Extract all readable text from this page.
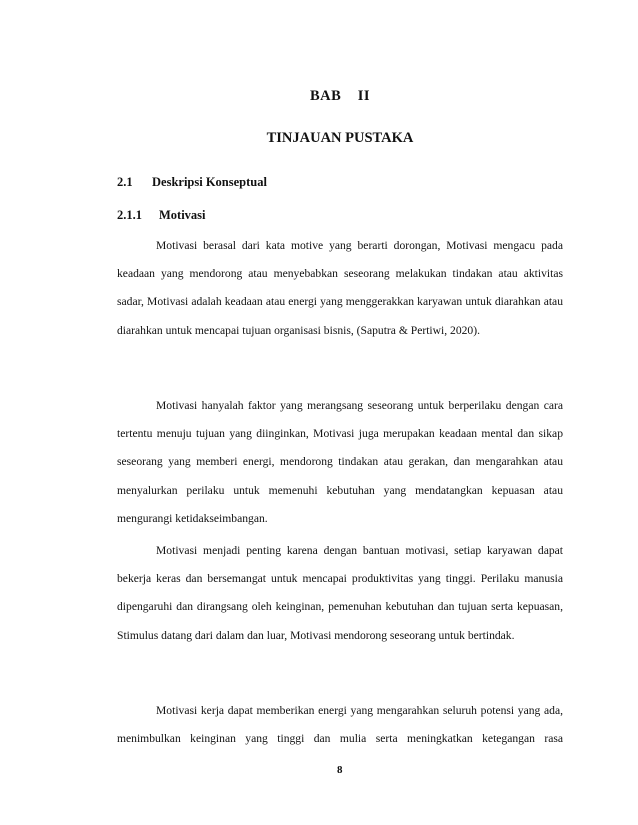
BAB    II
TINJAUAN PUSTAKA
2.1 Deskripsi Konseptual
2.1.1 Motivasi

Motivasi berasal dari kata motive yang berarti dorongan, Motivasi mengacu pada keadaan yang mendorong atau menyebabkan seseorang melakukan tindakan atau aktivitas sadar, Motivasi adalah keadaan atau energi yang menggerakkan karyawan untuk diarahkan atau diarahkan untuk mencapai tujuan organisasi bisnis, (Saputra & Pertiwi, 2020).

Motivasi hanyalah faktor yang merangsang seseorang untuk berperilaku dengan cara tertentu menuju tujuan yang diinginkan, Motivasi juga merupakan keadaan mental dan sikap seseorang yang memberi energi, mendorong tindakan atau gerakan, dan mengarahkan atau menyalurkan perilaku untuk memenuhi kebutuhan yang mendatangkan kepuasan atau mengurangi ketidakseimbangan.

Motivasi menjadi penting karena dengan bantuan motivasi, setiap karyawan dapat bekerja keras dan bersemangat untuk mencapai produktivitas yang tinggi. Perilaku manusia dipengaruhi dan dirangsang oleh keinginan, pemenuhan kebutuhan dan tujuan serta kepuasan, Stimulus datang dari dalam dan luar, Motivasi mendorong seseorang untuk bertindak.

Motivasi kerja dapat memberikan energi yang mengarahkan seluruh potensi yang ada, menimbulkan keinginan yang tinggi dan mulia serta meningkatkan ketegangan rasa

8
